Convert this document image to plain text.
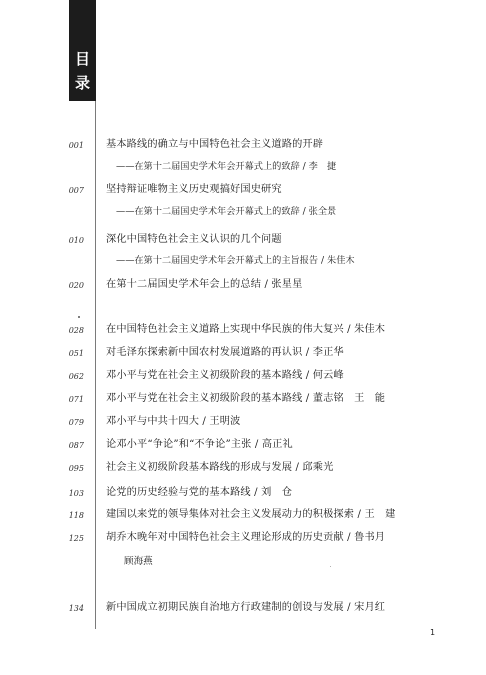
目
录
001 基本路线的确立与中国特色社会主义道路的开辟
——在第十二届国史学术年会开幕式上的致辞 / 李　捷
007 坚持辩证唯物主义历史观搞好国史研究
——在第十二届国史学术年会开幕式上的致辞 / 张全景
010 深化中国特色社会主义认识的几个问题
——在第十二届国史学术年会开幕式上的主旨报告 / 朱佳木
020 在第十二届国史学术年会上的总结 / 张星星
028 在中国特色社会主义道路上实现中华民族的伟大复兴 / 朱佳木
051 对毛泽东探索新中国农村发展道路的再认识 / 李正华
062 邓小平与党在社会主义初级阶段的基本路线 / 何云峰
071 邓小平与党在社会主义初级阶段的基本路线 / 董志铭　王　能
079 邓小平与中共十四大 / 王明波
087 论邓小平“争论”和“不争论”主张 / 高正礼
095 社会主义初级阶段基本路线的形成与发展 / 邱乘光
103 论党的历史经验与党的基本路线 / 刘　仓
118 建国以来党的领导集体对社会主义发展动力的积极探索 / 王　建
125 胡乔木晚年对中国特色社会主义理论形成的历史贡献 / 鲁书月
顾海燕
134 新中国成立初期民族自治地方行政建制的创设与发展 / 宋月红
1
